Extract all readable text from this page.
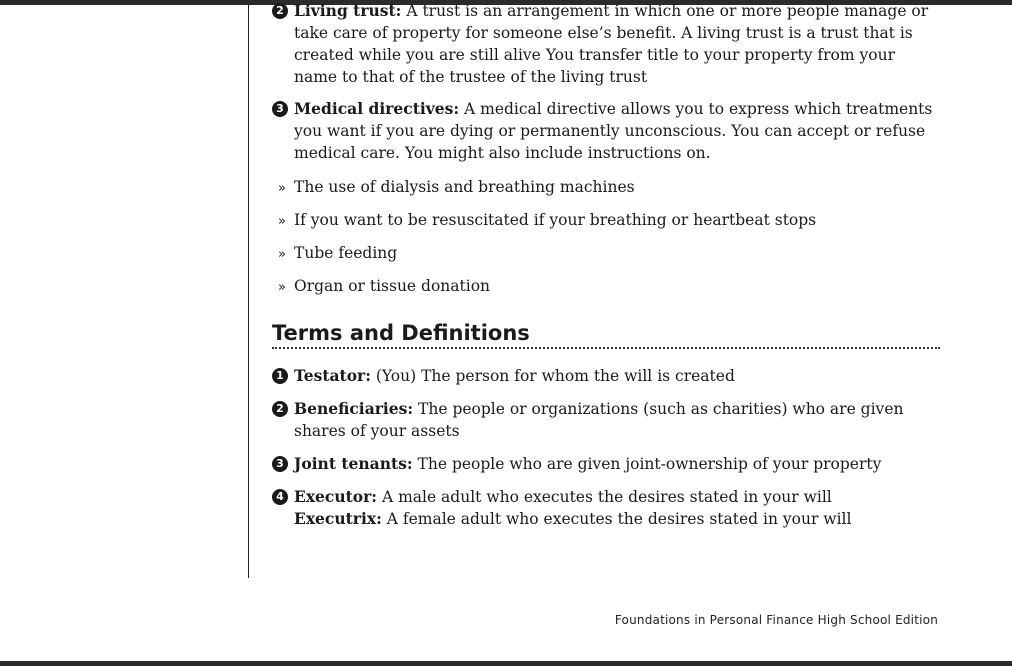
2 Living trust: A trust is an arrangement in which one or more people manage or take care of property for someone else’s benefit. A living trust is a trust that is created while you are still alive You transfer title to your property from your name to that of the trustee of the living trust
3 Medical directives: A medical directive allows you to express which treatments you want if you are dying or permanently unconscious. You can accept or refuse medical care. You might also include instructions on.
» The use of dialysis and breathing machines
» If you want to be resuscitated if your breathing or heartbeat stops
» Tube feeding
» Organ or tissue donation
Terms and Definitions
1 Testator: (You) The person for whom the will is created
2 Beneficiaries: The people or organizations (such as charities) who are given shares of your assets
3 Joint tenants: The people who are given joint-ownership of your property
4 Executor: A male adult who executes the desires stated in your will
Executrix: A female adult who executes the desires stated in your will
Foundations in Personal Finance High School Edition
